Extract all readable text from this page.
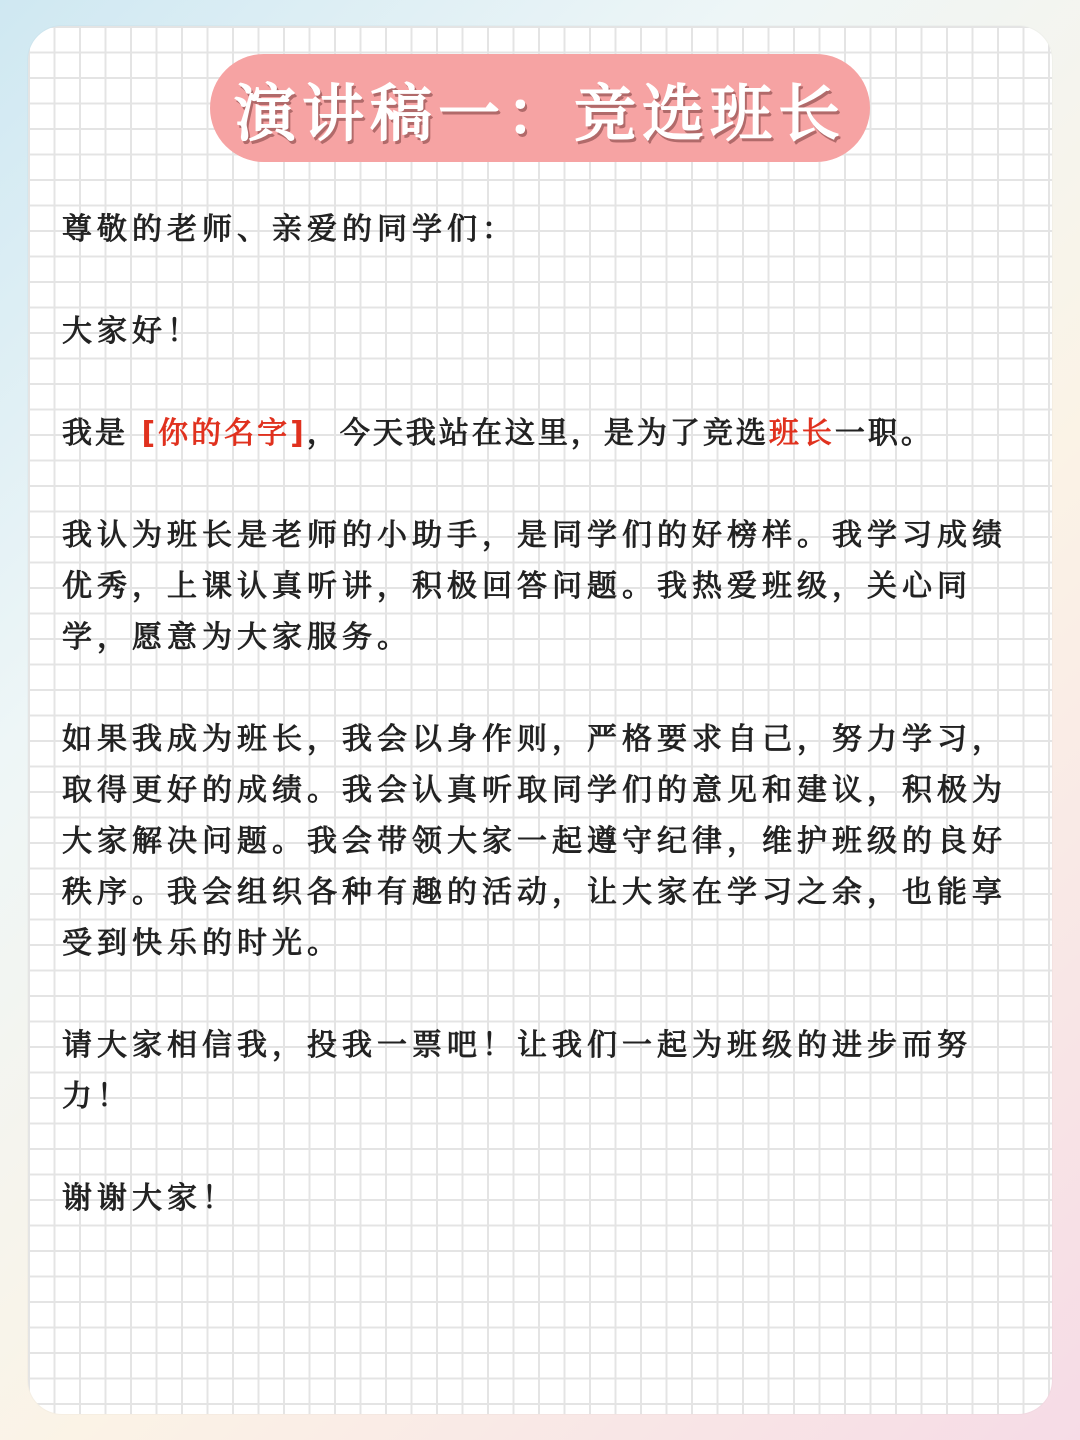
演讲稿一：竞选班长

尊敬的老师、亲爱的同学们：

大家好！

我是 [你的名字]，今天我站在这里，是为了竞选班长一职。

我认为班长是老师的小助手，是同学们的好榜样。我学习成绩优秀，上课认真听讲，积极回答问题。我热爱班级，关心同学，愿意为大家服务。

如果我成为班长，我会以身作则，严格要求自己，努力学习，取得更好的成绩。我会认真听取同学们的意见和建议，积极为大家解决问题。我会带领大家一起遵守纪律，维护班级的良好秩序。我会组织各种有趣的活动，让大家在学习之余，也能享受到快乐的时光。

请大家相信我，投我一票吧！让我们一起为班级的进步而努力！

谢谢大家！
